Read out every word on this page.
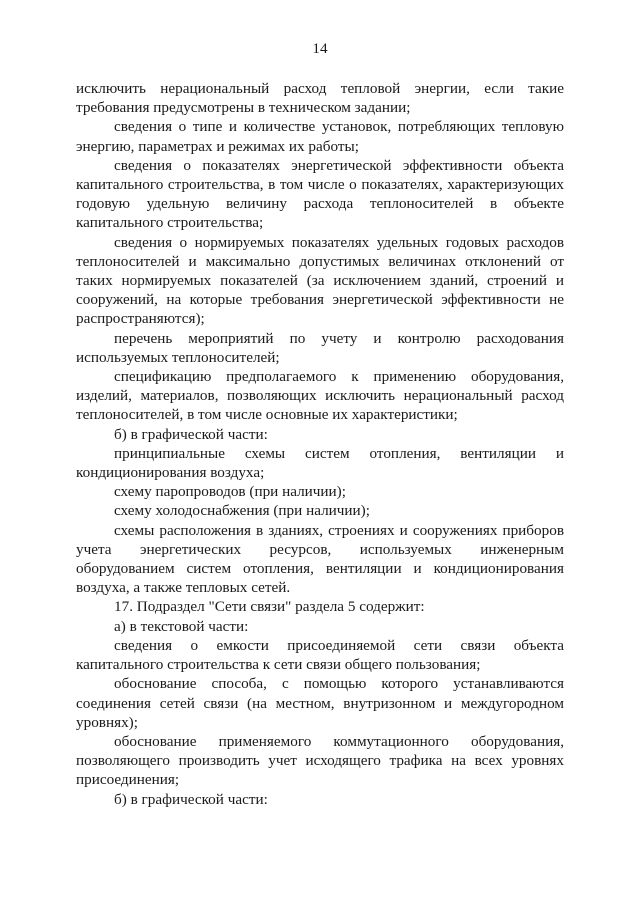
14

исключить нерациональный расход тепловой энергии, если такие требования предусмотрены в техническом задании;

сведения о типе и количестве установок, потребляющих тепловую энергию, параметрах и режимах их работы;

сведения о показателях энергетической эффективности объекта капитального строительства, в том числе о показателях, характеризующих годовую удельную величину расхода теплоносителей в объекте капитального строительства;

сведения о нормируемых показателях удельных годовых расходов теплоносителей и максимально допустимых величинах отклонений от таких нормируемых показателей (за исключением зданий, строений и сооружений, на которые требования энергетической эффективности не распространяются);

перечень мероприятий по учету и контролю расходования используемых теплоносителей;

спецификацию предполагаемого к применению оборудования, изделий, материалов, позволяющих исключить нерациональный расход теплоносителей, в том числе основные их характеристики;

б) в графической части:

принципиальные схемы систем отопления, вентиляции и кондиционирования воздуха;

схему паропроводов (при наличии);

схему холодоснабжения (при наличии);

схемы расположения в зданиях, строениях и сооружениях приборов учета энергетических ресурсов, используемых инженерным оборудованием систем отопления, вентиляции и кондиционирования воздуха, а также тепловых сетей.

17. Подраздел "Сети связи" раздела 5 содержит:

а) в текстовой части:

сведения о емкости присоединяемой сети связи объекта капитального строительства к сети связи общего пользования;

обоснование способа, с помощью которого устанавливаются соединения сетей связи (на местном, внутризонном и междугородном уровнях);

обоснование применяемого коммутационного оборудования, позволяющего производить учет исходящего трафика на всех уровнях присоединения;

б) в графической части:
